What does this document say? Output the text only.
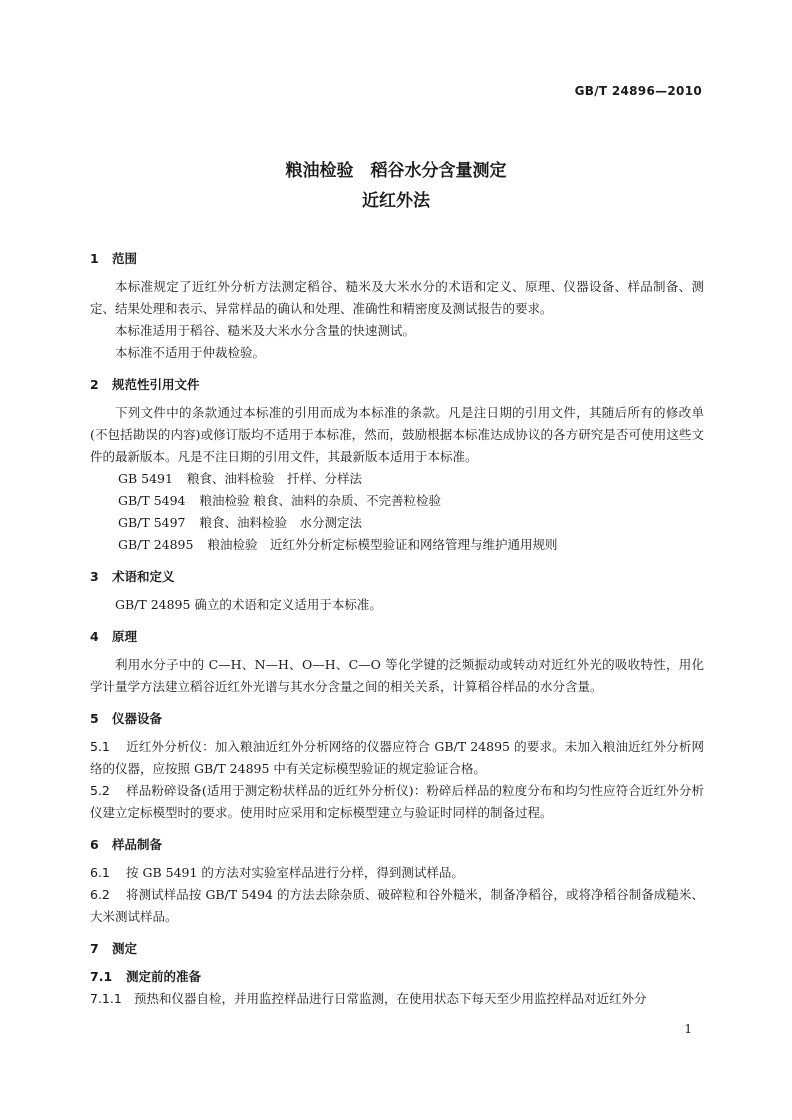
GB/T 24896—2010
粮油检验　稻谷水分含量测定
近红外法
1 范围

本标准规定了近红外分析方法测定稻谷、糙米及大米水分的术语和定义、原理、仪器设备、样品制备、测定、结果处理和表示、异常样品的确认和处理、准确性和精密度及测试报告的要求。

本标准适用于稻谷、糙米及大米水分含量的快速测试。

本标准不适用于仲裁检验。

2 规范性引用文件

下列文件中的条款通过本标准的引用而成为本标准的条款。凡是注日期的引用文件，其随后所有的修改单(不包括勘误的内容)或修订版均不适用于本标准，然而，鼓励根据本标准达成协议的各方研究是否可使用这些文件的最新版本。凡是不注日期的引用文件，其最新版本适用于本标准。

GB 5491 粮食、油料检验　扦样、分样法

GB/T 5494 粮油检验 粮食、油料的杂质、不完善粒检验

GB/T 5497 粮食、油料检验　水分测定法

GB/T 24895 粮油检验　近红外分析定标模型验证和网络管理与维护通用规则

3 术语和定义

GB/T 24895 确立的术语和定义适用于本标准。

4 原理

利用水分子中的 C—H、N—H、O—H、C—O 等化学键的泛频振动或转动对近红外光的吸收特性，用化学计量学方法建立稻谷近红外光谱与其水分含量之间的相关关系，计算稻谷样品的水分含量。

5 仪器设备

5.1 近红外分析仪：加入粮油近红外分析网络的仪器应符合 GB/T 24895 的要求。未加入粮油近红外分析网络的仪器，应按照 GB/T 24895 中有关定标模型验证的规定验证合格。

5.2 样品粉碎设备(适用于测定粉状样品的近红外分析仪)：粉碎后样品的粒度分布和均匀性应符合近红外分析仪建立定标模型时的要求。使用时应采用和定标模型建立与验证时同样的制备过程。

6 样品制备

6.1 按 GB 5491 的方法对实验室样品进行分样，得到测试样品。

6.2 将测试样品按 GB/T 5494 的方法去除杂质、破碎粒和谷外糙米，制备净稻谷，或将净稻谷制备成糙米、大米测试样品。

7 测定
7.1 测定前的准备

7.1.1 预热和仪器自检，并用监控样品进行日常监测，在使用状态下每天至少用监控样品对近红外分

1
